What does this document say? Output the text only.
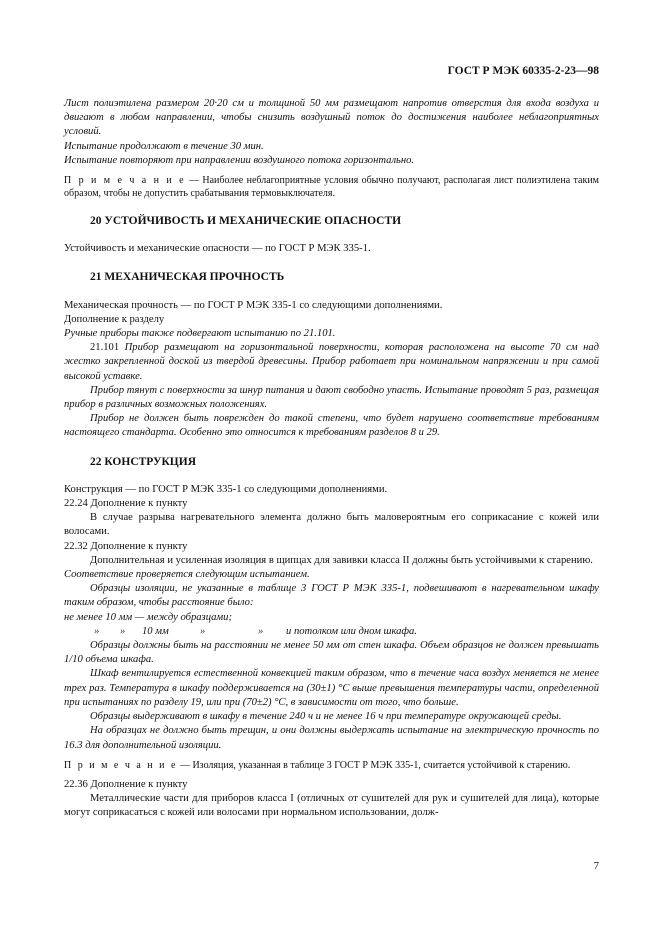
ГОСТ Р МЭК 60335-2-23—98

Лист полиэтилена размером 20·20 см и толщиной 50 мм размещают напротив отверстия для входа воздуха и двигают в любом направлении, чтобы снизить воздушный поток до достижения наиболее неблагоприятных условий.

Испытание продолжают в течение 30 мин.

Испытание повторяют при направлении воздушного потока горизонтально.

П р и м е ч а н и е — Наиболее неблагоприятные условия обычно получают, располагая лист полиэтилена таким образом, чтобы не допустить срабатывания термовыключателя.

20 УСТОЙЧИВОСТЬ И МЕХАНИЧЕСКИЕ ОПАСНОСТИ

Устойчивость и механические опасности — по ГОСТ Р МЭК 335-1.

21 МЕХАНИЧЕСКАЯ ПРОЧНОСТЬ

Механическая прочность — по ГОСТ Р МЭК 335-1 со следующими дополнениями.

Дополнение к разделу

Ручные приборы также подвергают испытанию по 21.101.

21.101 Прибор размещают на горизонтальной поверхности, которая расположена на высоте 70 см над жестко закрепленной доской из твердой древесины. Прибор работает при номинальном напряжении и при самой высокой уставке.

Прибор тянут с поверхности за шнур питания и дают свободно упасть. Испытание проводят 5 раз, размещая прибор в различных возможных положениях.

Прибор не должен быть поврежден до такой степени, что будет нарушено соответствие требованиям настоящего стандарта. Особенно это относится к требованиям разделов 8 и 29.

22 КОНСТРУКЦИЯ

Конструкция — по ГОСТ Р МЭК 335-1 со следующими дополнениями.

22.24 Дополнение к пункту

В случае разрыва нагревательного элемента должно быть маловероятным его соприкасание с кожей или волосами.

22.32 Дополнение к пункту

Дополнительная и усиленная изоляция в щипцах для завивки класса II должны быть устойчивыми к старению.

Соответствие проверяется следующим испытанием.

Образцы изоляции, не указанные в таблице 3 ГОСТ Р МЭК 335-1, подвешивают в нагревательном шкафу таким образом, чтобы расстояние было:

не менее 10 мм — между образцами;

» » 10 мм	»	» и потолком или дном шкафа.

Образцы должны быть на расстоянии не менее 50 мм от стен шкафа. Объем образцов не должен превышать 1/10 объема шкафа.

Шкаф вентилируется естественной конвекцией таким образом, что в течение часа воздух меняется не менее трех раз. Температура в шкафу поддерживается на (30±1) °С выше превышения температуры части, определенной при испытаниях по разделу 19, или при (70±2) °С, в зависимости от того, что больше.

Образцы выдерживают в шкафу в течение 240 ч и не менее 16 ч при температуре окружающей среды.

На образцах не должно быть трещин, и они должны выдержать испытание на электрическую прочность по 16.3 для дополнительной изоляции.

П р и м е ч а н и е — Изоляция, указанная в таблице 3 ГОСТ Р МЭК 335-1, считается устойчивой к старению.

22.36 Дополнение к пункту

Металлические части для приборов класса I (отличных от сушителей для рук и сушителей для лица), которые могут соприкасаться с кожей или волосами при нормальном использовании, долж-

7
